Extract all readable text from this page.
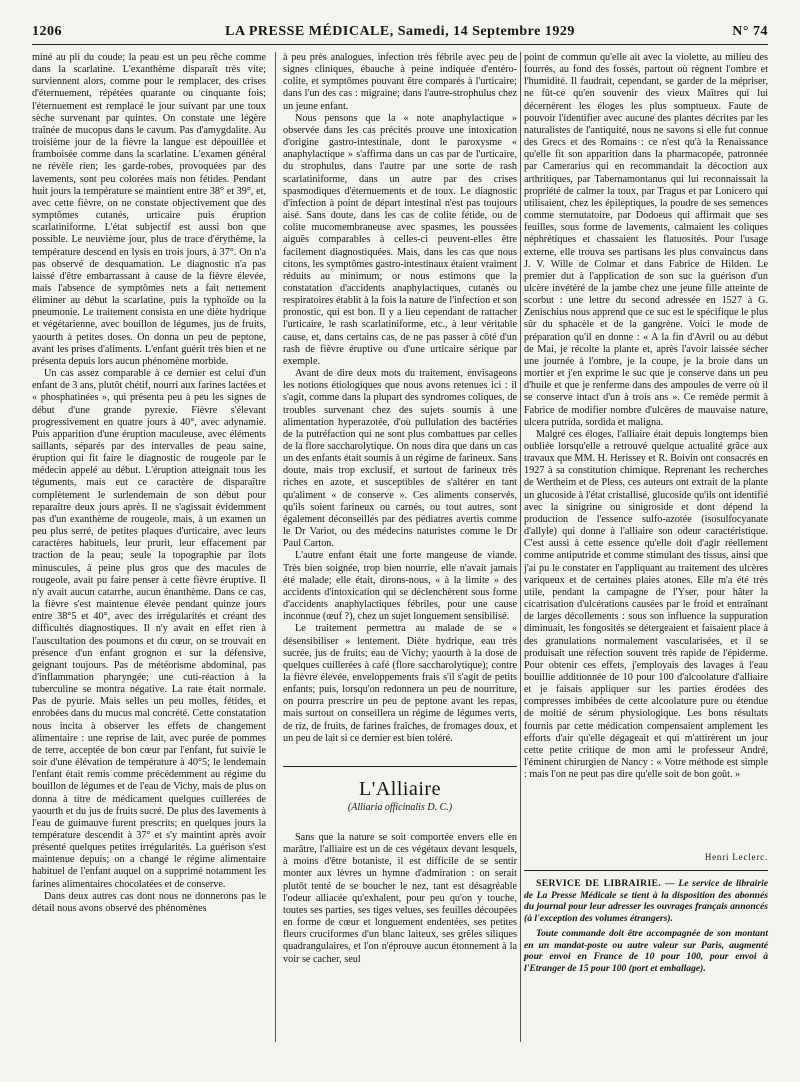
1206	LA PRESSE MÉDICALE, Samedi, 14 Septembre 1929	N° 74

miné au pli du coude; la peau est un peu rêche comme dans la scarlatine. L'exanthème disparaît très vite; surviennent alors, comme pour le remplacer, des crises d'éternuement, répétées quarante ou cinquante fois; l'éternuement est remplacé le jour suivant par une toux sèche survenant par quintes. On constate une légère traînée de mucopus dans le cavum. Pas d'amygdalite. Au troisième jour de la fièvre la langue est dépouillée et framboisée comme dans la scarlatine. L'examen général ne révèle rien; les garde-robes, provoquées par des lavements, sont peu colorées mais non fétides. Pendant huit jours la température se maintient entre 38° et 39°, et, avec cette fièvre, on ne constate objectivement que des symptômes cutanés, urticaire puis éruption scarlatiniforme. L'état subjectif est aussi bon que possible. Le neuvième jour, plus de trace d'érythème, la température descend en lysis en trois jours, à 37°. On n'a pas observé de desquamation. Le diagnostic n'a pas laissé d'être embarrassant à cause de la fièvre élevée, mais l'absence de symptômes nets a fait nettement éliminer au début la scarlatine, puis la typhoïde ou la pneumonie. Le traitement consista en une diète hydrique et végétarienne, avec bouillon de légumes, jus de fruits, yaourth à petites doses. On donna un peu de peptone, avant les prises d'aliments. L'enfant guérit très bien et ne présenta depuis lors aucun phénomène morbide.

Un cas assez comparable à ce dernier est celui d'un enfant de 3 ans, plutôt chétif, nourri aux farines lactées et « phosphatinées », qui présenta peu à peu les signes de début d'une grande pyrexie. Fièvre s'élevant progressivement en quatre jours à 40°, avec adynamie. Puis apparition d'une éruption maculeuse, avec éléments saillants, séparés par des intervalles de peau saine, éruption qui fit faire le diagnostic de rougeole par le médecin appelé au début. L'éruption atteignait tous les téguments, mais eut ce caractère de disparaître complètement le surlendemain de son début pour reparaître deux jours après. Il ne s'agissait évidemment pas d'un exanthème de rougeole, mais, à un examen un peu plus serré, de petites plaques d'urticaire, avec leurs caractères habituels, leur prurit, leur effacement par traction de la peau; seule la topographie par îlots minuscules, à peine plus gros que des macules de rougeole, avait pu faire penser à cette fièvre éruptive. Il n'y avait aucun catarrhe, aucun énanthème. Dans ce cas, la fièvre s'est maintenue élevée pendant quinze jours entre 38°5 et 40°, avec des irrégularités et créant des difficultés diagnostiques. Il n'y avait en effet rien à l'auscultation des poumons et du cœur, on se trouvait en présence d'un enfant grognon et sur la défensive, geignant toujours. Pas de météorisme abdominal, pas d'inflammation pharyngée; une cuti-réaction à la tuberculine se montra négative. La rate était normale. Pas de pyurie. Mais selles un peu molles, fétides, et enrobées dans du mucus mal concrété. Cette constatation nous incita à observer les effets de changement alimentaire : une reprise de lait, avec purée de pommes de terre, acceptée de bon cœur par l'enfant, fut suivie le soir d'une élévation de température à 40°5; le lendemain l'enfant était remis comme précédemment au régime du bouillon de légumes et de l'eau de Vichy, mais de plus on donna à titre de médicament quelques cuillerées de yaourth et du jus de fruits sucré. De plus des lavements à l'eau de guimauve furent prescrits; en quelques jours la température descendit à 37° et s'y maintint après avoir présenté quelques petites irrégularités. La guérison s'est maintenue depuis; on a changé le régime alimentaire habituel de l'enfant auquel on a supprimé notamment les farines alimentaires chocolatées et de conserve.

Dans deux autres cas dont nous ne donnerons pas le détail nous avons observé des phénomènes

à peu près analogues, infection très fébrile avec peu de signes cliniques, ébauche à peine indiquée d'entéro-colite, et symptômes pouvant être comparés à l'urticaire; dans l'un des cas : migraine; dans l'autre-strophulus chez un jeune enfant.

Nous pensons que la « note anaphylactique » observée dans les cas précités prouve une intoxication d'origine gastro-intestinale, dont le paroxysme « anaphylactique » s'affirma dans un cas par de l'urticaire, du strophulus, dans l'autre par une sorte de rash scarlatiniforme, dans un autre par des crises spasmodiques d'éternuements et de toux. Le diagnostic d'infection à point de départ intestinal n'est pas toujours aisé. Sans doute, dans les cas de colite fétide, ou de colite mucomembraneuse avec spasmes, les poussées aiguës comparables à celles-ci peuvent-elles être facilement diagnostiquées. Mais, dans les cas que nous citons, les symptômes gastro-intestinaux étaient vraiment réduits au minimum; or nous estimons que la constatation d'accidents anaphylactiques, cutanés ou respiratoires établit à la fois la nature de l'infection et son pronostic, qui est bon. Il y a lieu cependant de rattacher l'urticaire, le rash scarlatiniforme, etc., à leur véritable cause, et, dans certains cas, de ne pas passer à côté d'un rash de fièvre éruptive ou d'une urticaire sérique par exemple.

Avant de dire deux mots du traitement, envisageons les notions étiologiques que nous avons retenues ici : il s'agit, comme dans la plupart des syndromes coliques, de troubles survenant chez des sujets soumis à une alimentation hyperazotée, d'où pullulation des bactéries de la putréfaction qui ne sont plus combattues par celles de la flore saccharolytique. On nous dira que dans un cas un des enfants était soumis à un régime de farineux. Sans doute, mais trop exclusif, et surtout de farineux très riches en azote, et susceptibles de s'altérer en tant qu'aliment « de conserve ». Ces aliments conservés, qu'ils soient farineux ou carnés, ou tout autres, sont également déconseillés par des pédiatres avertis comme le Dr Variot, ou des médecins naturistes comme le Dr Paul Carton.

L'autre enfant était une forte mangeuse de viande. Très bien soignée, trop bien nourrie, elle n'avait jamais été malade; elle était, dirons-nous, « à la limite » des accidents d'intoxication qui se déclenchèrent sous forme d'accidents anaphylactiques fébriles, pour une cause inconnue (œuf ?), chez un sujet longuement sensibilisé.

Le traitement permettra au malade de se « désensibiliser » lentement. Diète hydrique, eau très sucrée, jus de fruits; eau de Vichy; yaourth à la dose de quelques cuillerées à café (flore saccharolytique); contre la fièvre élevée, enveloppements frais s'il s'agit de petits enfants; puis, lorsqu'on redonnera un peu de nourriture, on pourra prescrire un peu de peptone avant les repas, mais surtout on conseillera un régime de légumes verts, de riz, de fruits, de farines fraîches, de fromages doux, et un peu de lait si ce dernier est bien toléré.

L'Alliaire
(Alliaria officinalis D. C.)

Sans que la nature se soit comportée envers elle en marâtre, l'alliaire est un de ces végétaux devant lesquels, à moins d'être botaniste, il est difficile de se sentir monter aux lèvres un hymne d'admiration : on serait plutôt tenté de se boucher le nez, tant est désagréable l'odeur alliacée qu'exhalent, pour peu qu'on y touche, toutes ses parties, ses tiges velues, ses feuilles découpées en forme de cœur et longuement endentées, ses petites fleurs cruciformes d'un blanc laiteux, ses grêles siliques quadrangulaires, et l'on n'éprouve aucun étonnement à la voir se cacher, seul

point de commun qu'elle ait avec la violette, au milieu des fourrés, au fond des fossés, partout où règnent l'ombre et l'humidité. Il faudrait, cependant, se garder de la mépriser, ne fût-ce qu'en souvenir des vieux Maîtres qui lui décernèrent les éloges les plus somptueux. Faute de pouvoir l'identifier avec aucune des plantes décrites par les naturalistes de l'antiquité, nous ne savons si elle fut connue des Grecs et des Romains : ce n'est qu'à la Renaissance qu'elle fit son apparition dans la pharmacopée, patronnée par Camerarius qui en recommandait la décoction aux arthritiques, par Tabernamontanus qui lui reconnaissait la propriété de calmer la toux, par Tragus et par Lonicero qui utilisaient, chez les épileptiques, la poudre de ses semences comme sternutatoire, par Dodoeus qui affirmait que ses feuilles, sous forme de lavements, calmaient les coliques néphrétiques et chassaient les flatuosités. Pour l'usage externe, elle trouva ses partisans les plus convaincus dans J. V. Wille de Colmar et dans Fabrice de Hilden. Le premier dut à l'application de son suc la guérison d'un ulcère invétéré de la jambe chez une jeune fille atteinte de scorbut : une lettre du second adressée en 1527 à G. Zenischius nous apprend que ce suc est le spécifique le plus sûr du sphacèle et de la gangrène. Voici le mode de préparation qu'il en donne : « A la fin d'Avril ou au début de Mai, je récolte la plante et, après l'avoir laissée sécher une journée à l'ombre, je la coupe, je la broie dans un mortier et j'en exprime le suc que je conserve dans un peu d'huile et que je renferme dans des ampoules de verre où il se conserve intact d'un à trois ans ». Ce remède permit à Fabrice de modifier nombre d'ulcères de mauvaise nature, ulcera putrida, sordida et maligna.

Malgré ces éloges, l'alliaire était depuis longtemps bien oubliée lorsqu'elle a retrouvé quelque actualité grâce aux travaux que MM. H. Herissey et R. Boivin ont consacrés en 1927 à sa constitution chimique. Reprenant les recherches de Wertheim et de Pless, ces auteurs ont extrait de la plante un glucoside à l'état cristallisé, glucoside qu'ils ont identifié avec la sinigrine ou sinigroside et dont dépend la production de l'essence sulfo-azotée (isosulfocyanate d'allyle) qui donne à l'alliaire son odeur caractéristique. C'est aussi à cette essence qu'elle doit d'agir réellement comme antiputride et comme stimulant des tissus, ainsi que j'ai pu le constater en l'appliquant au traitement des ulcères variqueux et de certaines plaies atones. Elle m'a été très utile, pendant la campagne de l'Yser, pour hâter la cicatrisation d'ulcérations causées par le froid et entraînant de larges décollements : sous son influence la suppuration diminuait, les fongosités se détergeaient et faisaient place à des granulations normalement vascularisées, et il se produisait une réfection souvent très rapide de l'épiderme. Pour obtenir ces effets, j'employais des lavages à l'eau bouillie additionnée de 10 pour 100 d'alcoolature d'alliaire et je faisais appliquer sur les parties érodées des compresses imbibées de cette alcoolature pure ou étendue de moitié de sérum physiologique. Les bons résultats fournis par cette médication compensaient amplement les efforts d'air qu'elle dégageait et qui m'attirèrent un jour cette petite critique de mon ami le professeur André, l'éminent chirurgien de Nancy : « Votre méthode est simple : mais l'on ne peut pas dire qu'elle soit de bon goût. »

Henri Leclerc.

SERVICE DE LIBRAIRIE. — Le service de librairie de La Presse Médicale se tient à la disposition des abonnés du journal pour leur adresser les ouvrages français annoncés (à l'exception des volumes étrangers).

Toute commande doit être accompagnée de son montant en un mandat-poste ou autre valeur sur Paris, augmenté pour envoi en France de 10 pour 100, pour envoi à l'Etranger de 15 pour 100 (port et emballage).
